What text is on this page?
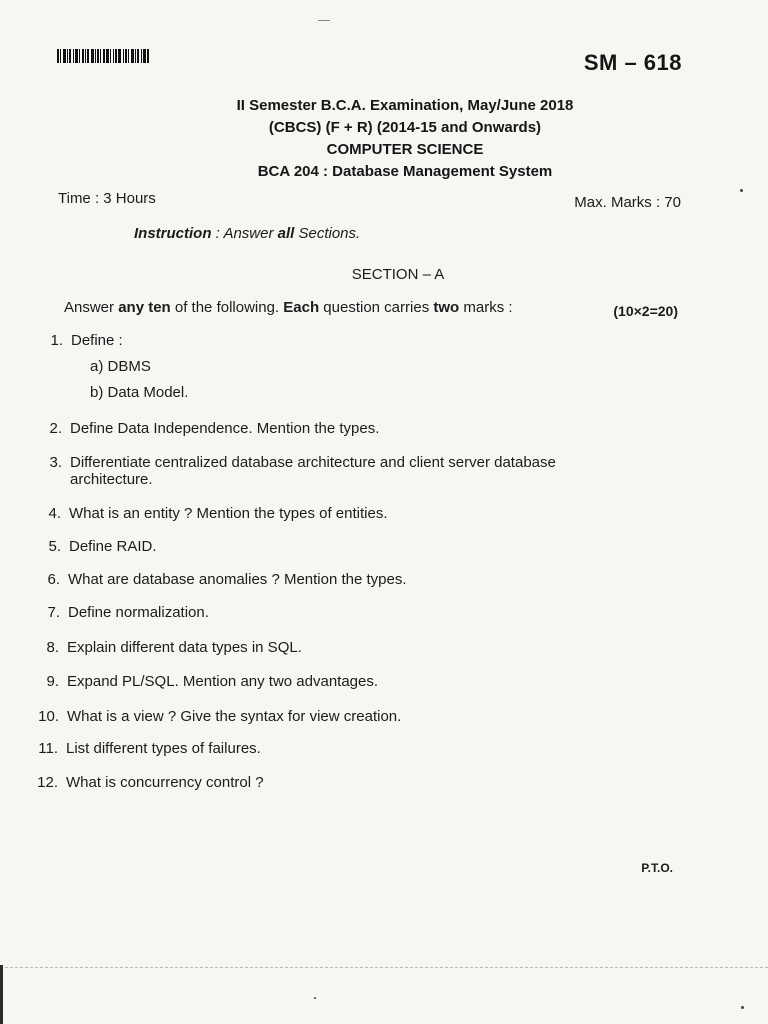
SM – 618
II Semester B.C.A. Examination, May/June 2018
(CBCS) (F + R) (2014-15 and Onwards)
COMPUTER SCIENCE
BCA 204 : Database Management System
Time : 3 Hours	Max. Marks : 70
Instruction : Answer all Sections.
SECTION – A
Answer any ten of the following. Each question carries two marks :	(10×2=20)
1. Define :
a) DBMS
b) Data Model.
2. Define Data Independence. Mention the types.
3. Differentiate centralized database architecture and client server database
architecture.
4. What is an entity ? Mention the types of entities.
5. Define RAID.
6. What are database anomalies ? Mention the types.
7. Define normalization.
8. Explain different data types in SQL.
9. Expand PL/SQL. Mention any two advantages.
10. What is a view ? Give the syntax for view creation.
11. List different types of failures.
12. What is concurrency control ?
P.T.O.
